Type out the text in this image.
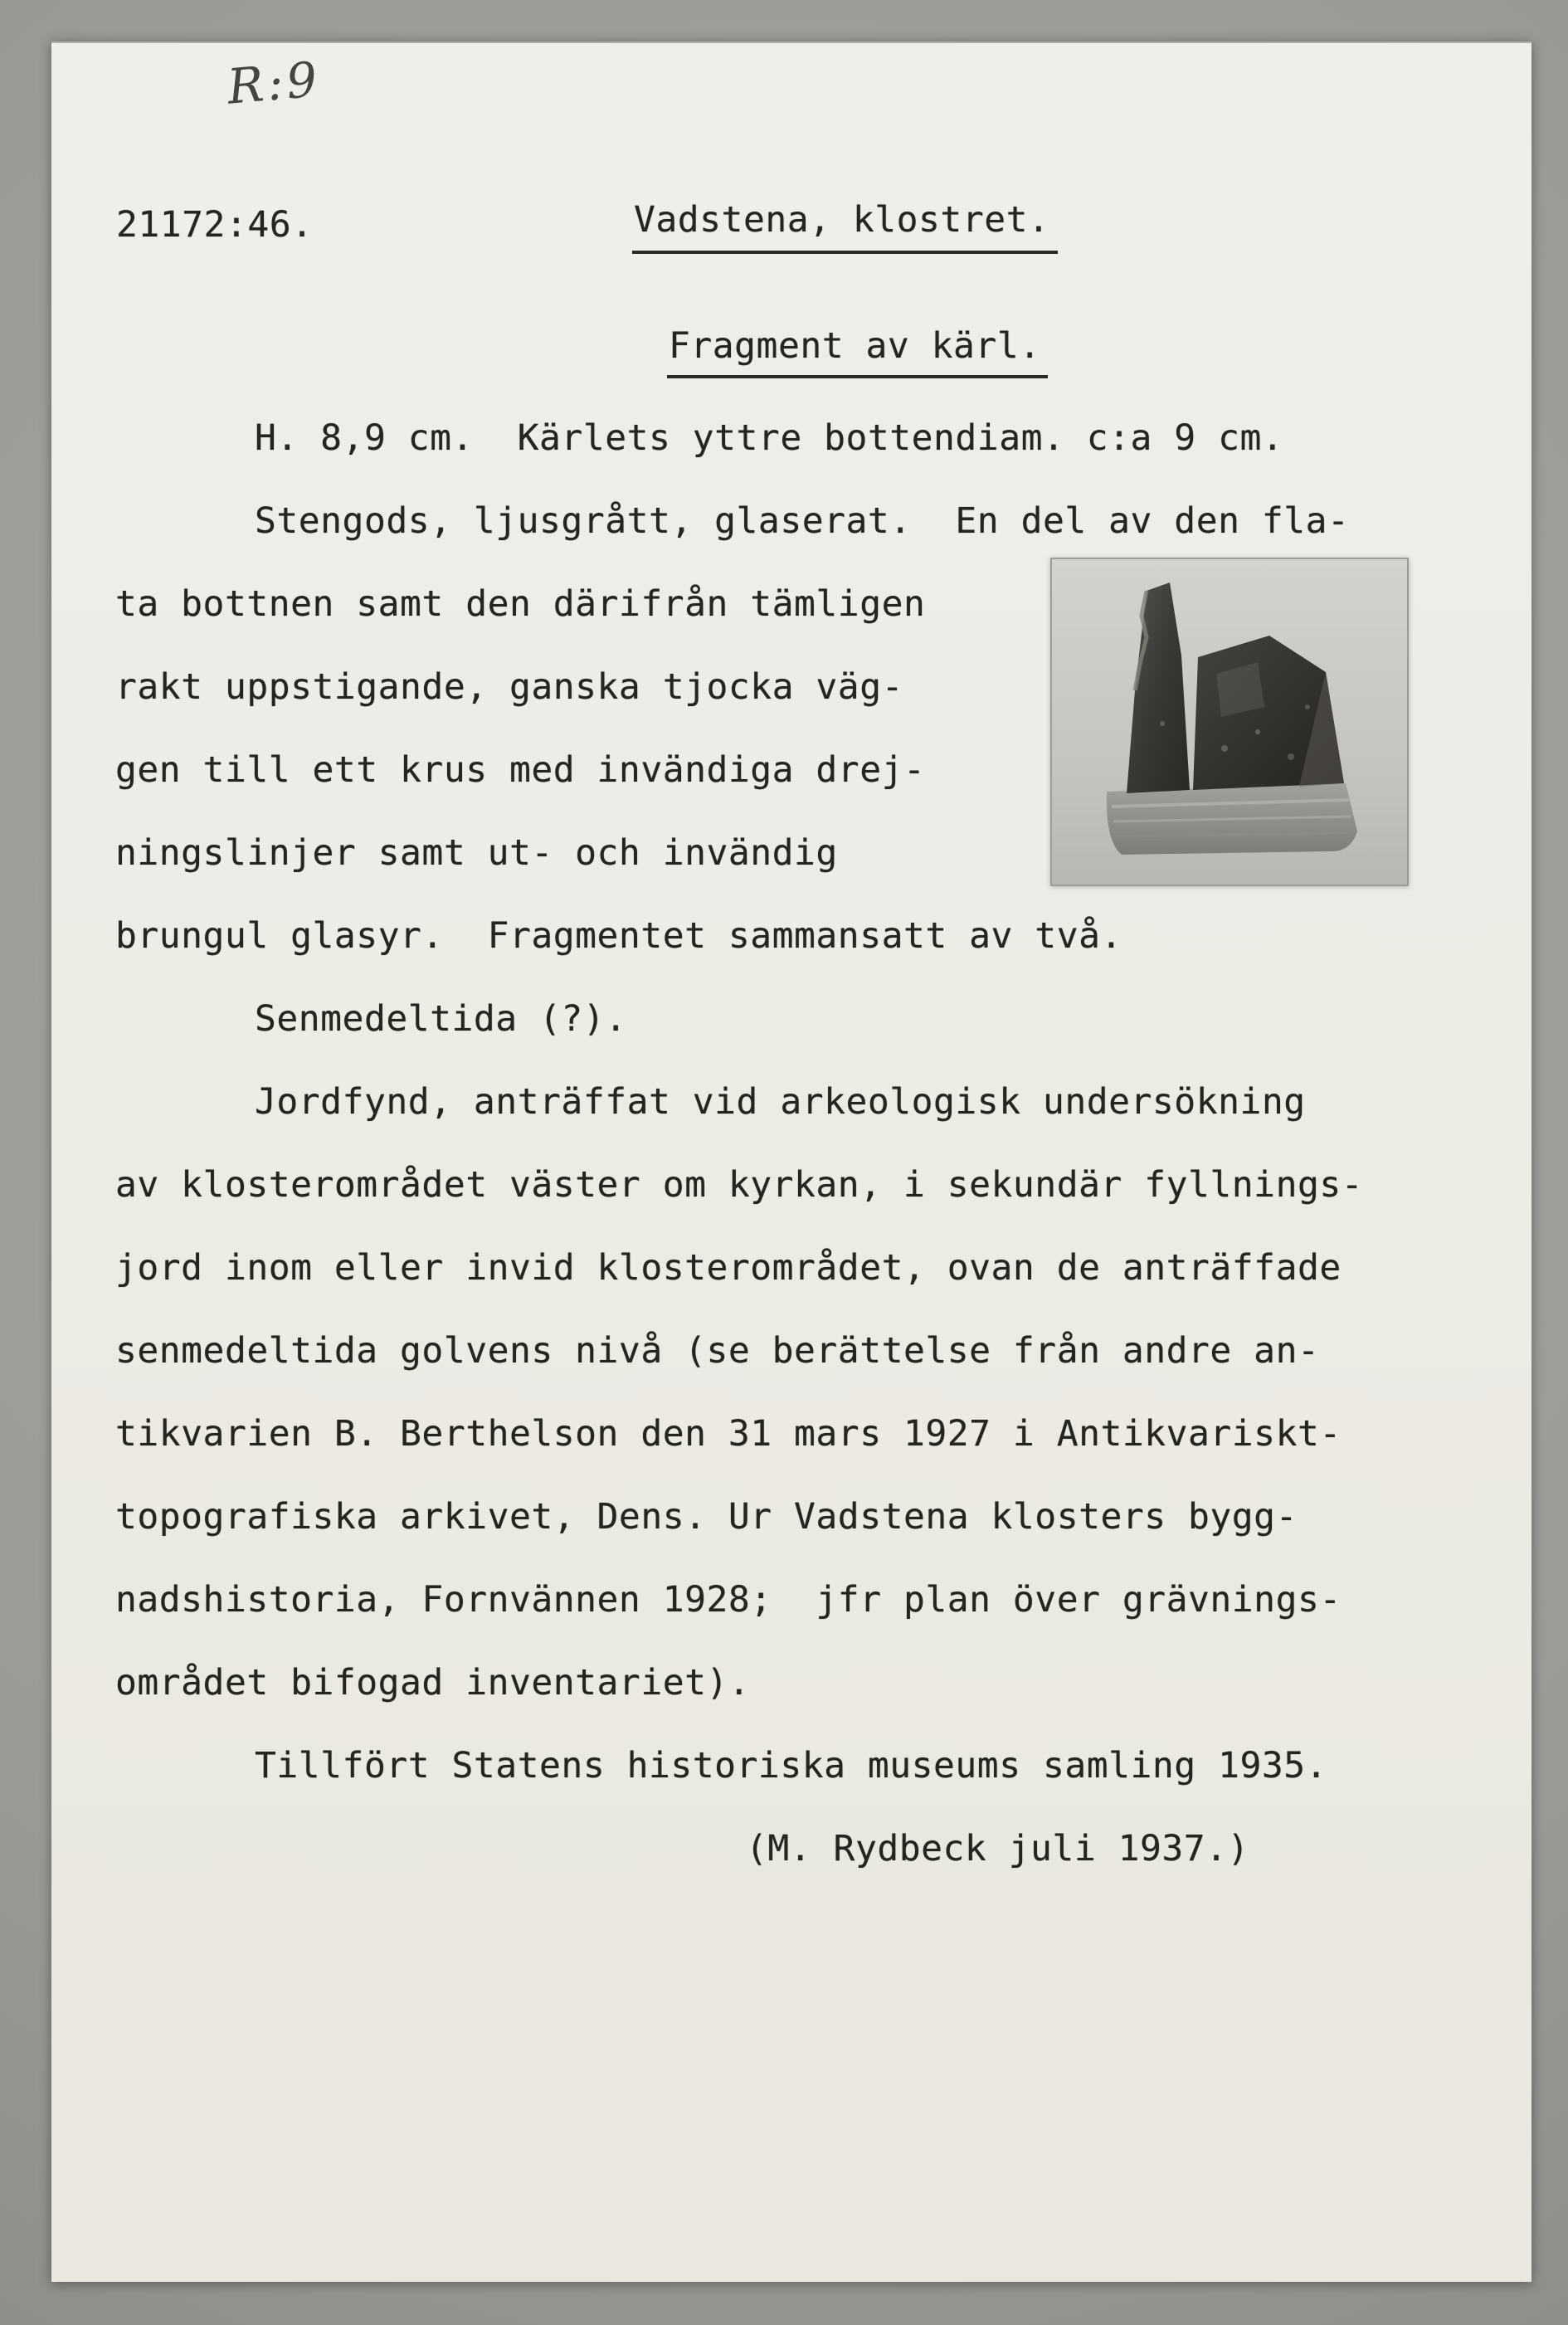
R:9
21172:46.	Vadstena, klostret.
Fragment av kärl.
H. 8,9 cm.  Kärlets yttre bottendiam. c:a 9 cm.
Stengods, ljusgrått, glaserat.  En del av den fla-
ta bottnen samt den därifrån tämligen
rakt uppstigande, ganska tjocka väg-
gen till ett krus med invändiga drej-
ningslinjer samt ut- och invändig
brungul glasyr.  Fragmentet sammansatt av två.
Senmedeltida (?).
Jordfynd, anträffat vid arkeologisk undersökning
av klosterområdet väster om kyrkan, i sekundär fyllnings-
jord inom eller invid klosterområdet, ovan de anträffade
senmedeltida golvens nivå (se berättelse från andre an-
tikvarien B. Berthelson den 31 mars 1927 i Antikvariskt-
topografiska arkivet, Dens. Ur Vadstena klosters bygg-
nadshistoria, Fornvännen 1928;  jfr plan över grävnings-
området bifogad inventariet).
Tillfört Statens historiska museums samling 1935.
(M. Rydbeck juli 1937.)
